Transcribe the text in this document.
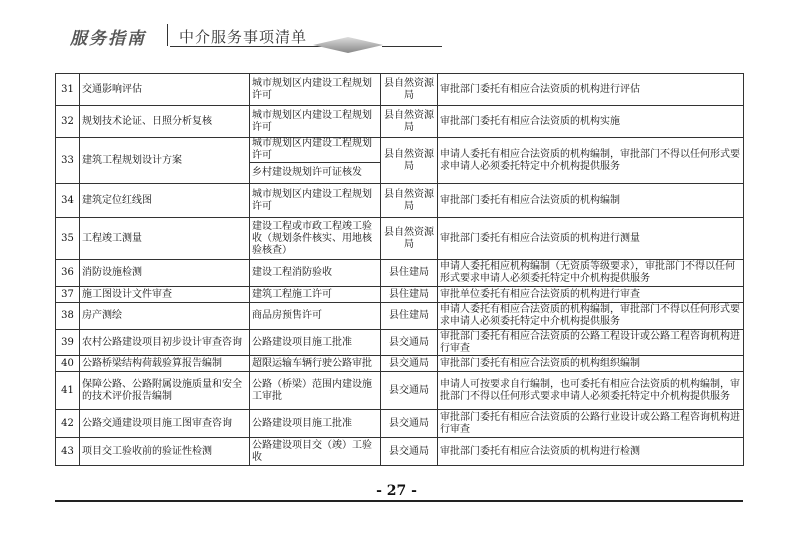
服务指南 中介服务事项清单
31	交通影响评估	城市规划区内建设工程规划许可	县自然资源局	审批部门委托有相应合法资质的机构进行评估
32	规划技术论证、日照分析复核	城市规划区内建设工程规划许可	县自然资源局	审批部门委托有相应合法资质的机构实施
33	建筑工程规划设计方案	城市规划区内建设工程规划许可	县自然资源局	申请人委托有相应合法资质的机构编制，审批部门不得以任何形式要求申请人必须委托特定中介机构提供服务
		乡村建设规划许可证核发		
34	建筑定位红线图	城市规划区内建设工程规划许可	县自然资源局	审批部门委托有相应合法资质的机构编制
35	工程竣工测量	建设工程或市政工程竣工验收（规划条件核实、用地核验核查）	县自然资源局	审批部门委托有相应合法资质的机构进行测量
36	消防设施检测	建设工程消防验收	县住建局	申请人委托相应机构编制（无资质等级要求），审批部门不得以任何形式要求申请人必须委托特定中介机构提供服务
37	施工图设计文件审查	建筑工程施工许可	县住建局	审批单位委托有相应合法资质的机构进行审查
38	房产测绘	商品房预售许可	县住建局	申请人委托有相应合法资质的机构编制，审批部门不得以任何形式要求申请人必须委托特定中介机构提供服务
39	农村公路建设项目初步设计审查咨询	公路建设项目施工批准	县交通局	审批部门委托有相应合法资质的公路工程设计或公路工程咨询机构进行审查
40	公路桥梁结构荷载验算报告编制	超限运输车辆行驶公路审批	县交通局	审批部门委托有相应合法资质的机构组织编制
41	保障公路、公路附属设施质量和安全的技术评价报告编制	公路（桥梁）范围内建设施工审批	县交通局	申请人可按要求自行编制，也可委托有相应合法资质的机构编制，审批部门不得以任何形式要求申请人必须委托特定中介机构提供服务
42	公路交通建设项目施工图审查咨询	公路建设项目施工批准	县交通局	审批部门委托有相应合法资质的公路行业设计或公路工程咨询机构进行审查
43	项目交工验收前的验证性检测	公路建设项目交（竣）工验收	县交通局	审批部门委托有相应合法资质的机构进行检测
- 27 -
